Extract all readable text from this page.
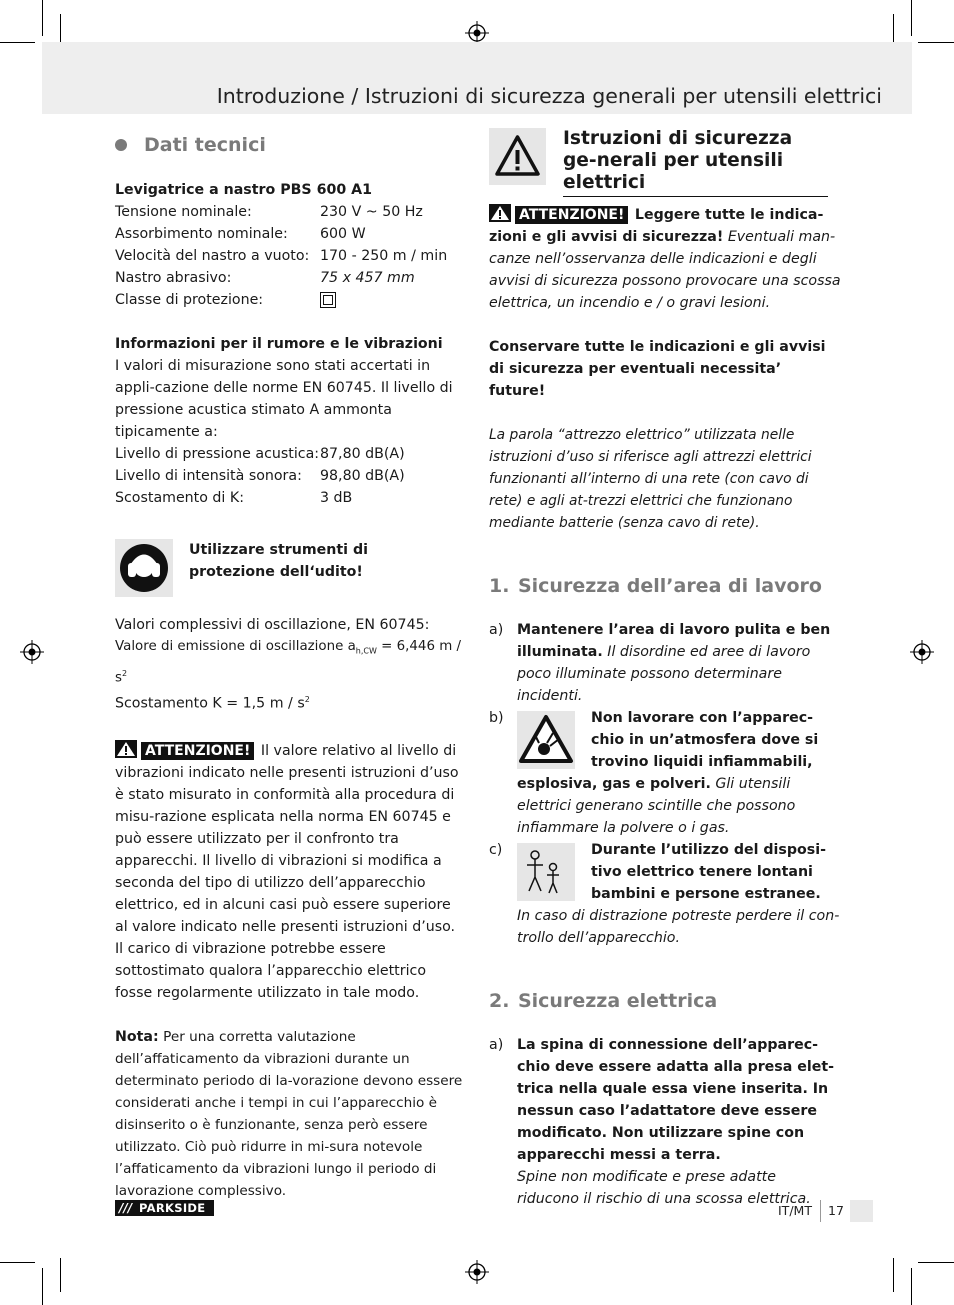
Introduzione / Istruzioni di sicurezza generali per utensili elettrici
Dati tecnici
Levigatrice a nastro PBS 600 A1
Tensione nominale:	230 V ~ 50 Hz
Assorbimento nominale:	600 W
Velocità del nastro a vuoto: 170 - 250 m / min
Nastro abrasivo:	75 x 457 mm
Classe di protezione:
Informazioni per il rumore e le vibrazioni
I valori di misurazione sono stati accertati in appli-cazione delle norme EN 60745. Il livello di pressione acustica stimato A ammonta tipicamente a:
Livello di pressione acustica: 87,80 dB(A)
Livello di intensità sonora:	98,80 dB(A)
Scostamento di K:	3 dB
Utilizzare strumenti di protezione dell‘udito!
Valori complessivi di oscillazione, EN 60745:
Valore di emissione di oscillazione $a_{h,CW} = 6,446$ m / $s^2$
Scostamento K = 1,5 m / $s^2$
ATTENZIONE! Il valore relativo al livello di vibrazioni indicato nelle presenti istruzioni d’uso è stato misurato in conformità alla procedura di misu-razione esplicata nella norma EN 60745 e può essere utilizzato per il confronto tra apparecchi. Il livello di vibrazioni si modifica a seconda del tipo di utilizzo dell’apparecchio elettrico, ed in alcuni casi può essere superiore al valore indicato nelle presenti istruzioni d’uso. Il carico di vibrazione potrebbe essere sottostimato qualora l’apparecchio elettrico fosse regolarmente utilizzato in tale modo.
Nota: Per una corretta valutazione dell’affaticamento da vibrazioni durante un determinato periodo di la-vorazione devono essere considerati anche i tempi in cui l’apparecchio è disinserito o è funzionante, senza però essere utilizzato. Ciò può ridurre in mi-sura notevole l’affaticamento da vibrazioni lungo il periodo di lavorazione complessivo.
Istruzioni di sicurezza ge-nerali per utensili elettrici
ATTENZIONE! Leggere tutte le indica-zioni e gli avvisi di sicurezza! Eventuali man-canze nell’osservanza delle indicazioni e degli avvisi di sicurezza possono provocare una scossa elettrica, un incendio e / o gravi lesioni.
Conservare tutte le indicazioni e gli avvisi di sicurezza per eventuali necessita’ future!
La parola “attrezzo elettrico” utilizzata nelle istruzioni d’uso si riferisce agli attrezzi elettrici funzionanti all’interno di una rete (con cavo di rete) e agli at-trezzi elettrici che funzionano mediante batterie (senza cavo di rete).
1. Sicurezza dell’area di lavoro
a) Mantenere l’area di lavoro pulita e ben illuminata. Il disordine ed aree di lavoro poco illuminate possono determinare incidenti.
b)	Non lavorare con l’apparec-chio in un’atmosfera dove si trovino liquidi infiammabili,
esplosiva, gas e polveri. Gli utensili elettrici generano scintille che possono infiammare la polvere o i gas.
c)	Durante l’utilizzo del disposi-tivo elettrico tenere lontani bambini e persone estranee.
In caso di distrazione potreste perdere il con-trollo dell’apparecchio.
2. Sicurezza elettrica
a) La spina di connessione dell’apparec-chio deve essere adatta alla presa elet-trica nella quale essa viene inserita. In nessun caso l’adattatore deve essere modificato. Non utilizzare spine con apparecchi messi a terra.
Spine non modificate e prese adatte riducono il rischio di una scossa elettrica.
/// PARKSIDE	IT/MT 17
